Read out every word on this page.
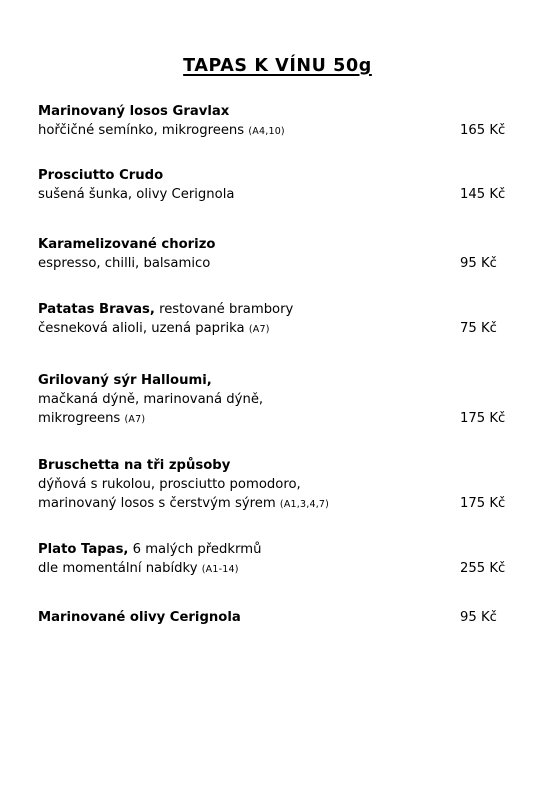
TAPAS K VÍNU 50g
Marinovaný losos Gravlax
hořčičné semínko, mikrogreens (A4,10)	165 Kč
Prosciutto Crudo
sušená šunka, olivy Cerignola	145 Kč
Karamelizované chorizo
espresso, chilli, balsamico	95 Kč
Patatas Bravas, restované brambory
česneková alioli, uzená paprika (A7)	75 Kč
Grilovaný sýr Halloumi,
mačkaná dýně, marinovaná dýně,
mikrogreens (A7)	175 Kč
Bruschetta na tři způsoby
dýňová s rukolou, prosciutto pomodoro,
marinovaný losos s čerstvým sýrem (A1,3,4,7)	175 Kč
Plato Tapas, 6 malých předkrmů
dle momentální nabídky (A1-14)	255 Kč
Marinované olivy Cerignola	95 Kč
